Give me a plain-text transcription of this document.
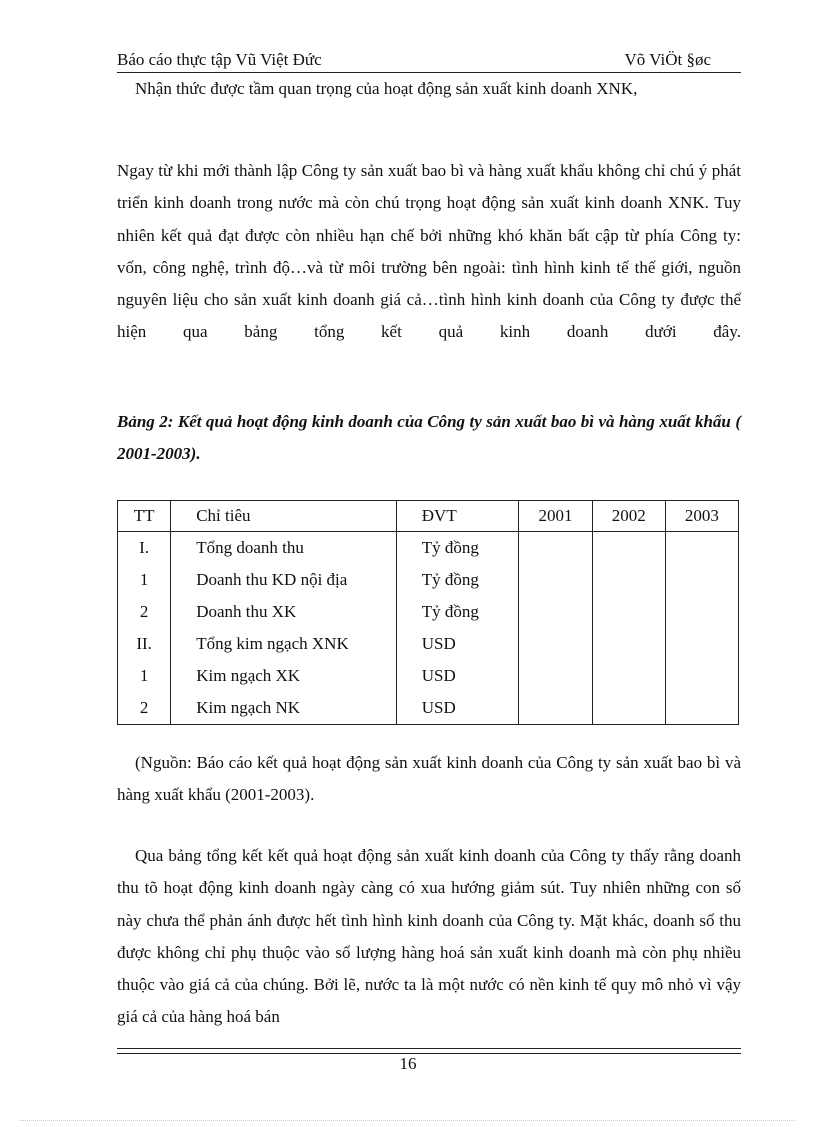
Báo cáo thực tập Vũ Việt Đức	Võ ViÖt §øc

Nhận thức được tầm quan trọng của hoạt động sản xuất kinh doanh XNK,

Ngay từ khi mới thành lập Công ty sản xuất bao bì và hàng xuất khẩu không chỉ chú ý phát triển kinh doanh trong nước mà còn chú trọng hoạt động sản xuất kinh doanh XNK. Tuy nhiên kết quả đạt được còn nhiều hạn chế bởi những khó khăn bất cập từ phía Công ty: vốn, công nghệ, trình độ…và từ môi trường bên ngoài: tình hình kinh tế thế giới, nguồn nguyên liệu cho sản xuất kinh doanh giá cả…tình hình kinh doanh của Công ty được thể hiện qua bảng tổng kết quả kinh doanh dưới đây.

Bảng 2: Kết quả hoạt động kinh doanh của Công ty sản xuất bao bì và hàng xuất khẩu ( 2001-2003).

TT	Chỉ tiêu	ĐVT	2001	2002	2003
I.	Tổng doanh thu	Tỷ đồng			
1	Doanh thu KD nội địa	Tỷ đồng			
2	Doanh thu XK	Tỷ đồng			
II.	Tổng kim ngạch XNK	USD			
1	Kim ngạch XK	USD			
2	Kim ngạch NK	USD			

(Nguồn: Báo cáo kết quả hoạt động sản xuất kinh doanh của Công ty sản xuất bao bì và hàng xuất khẩu (2001-2003).

Qua bảng tổng kết kết quả hoạt động sản xuất kinh doanh của Công ty thấy rằng doanh thu tõ hoạt động kinh doanh ngày càng có xua hướng giảm sút. Tuy nhiên những con số này chưa thể phản ánh được hết tình hình kinh doanh của Công ty. Mặt khác, doanh số thu được không chỉ phụ thuộc vào số lượng hàng hoá sản xuất kinh doanh mà còn phụ nhiều thuộc vào giá cả của chúng. Bởi lẽ, nước ta là một nước có nền kinh tế quy mô nhỏ vì vậy giá cả của hàng hoá bán

16
